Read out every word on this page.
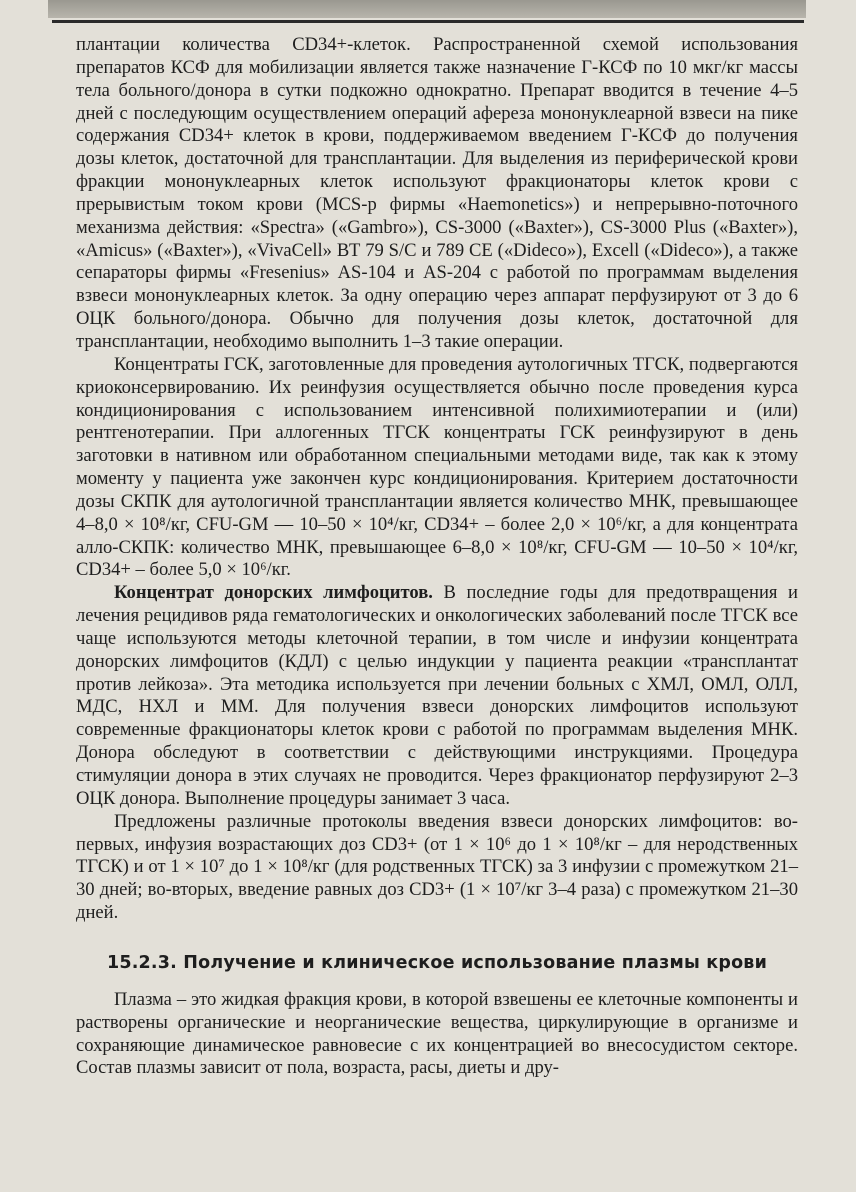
плантации количества CD34+-клеток. Распространенной схемой использования препаратов КСФ для мобилизации является также назначение Г-КСФ по 10 мкг/кг массы тела больного/донора в сутки подкожно однократно. Препарат вводится в течение 4–5 дней с последующим осуществлением операций афереза мононуклеарной взвеси на пике содержания CD34+ клеток в крови, поддерживаемом введением Г-КСФ до получения дозы клеток, достаточной для трансплантации. Для выделения из периферической крови фракции мононуклеарных клеток используют фракционаторы клеток крови с прерывистым током крови (MCS-р фирмы «Haemonetics») и непрерывно-поточного механизма действия: «Spectra» («Gambro»), CS-3000 («Baxter»), CS-3000 Plus («Baxter»), «Amicus» («Baxter»), «VivaCell» ВТ 79 S/C и 789 CE («Dideco»), Excell («Dideco»), а также сепараторы фирмы «Fresenius» AS-104 и AS-204 с работой по программам выделения взвеси мононуклеарных клеток. За одну операцию через аппарат перфузируют от 3 до 6 ОЦК больного/донора. Обычно для получения дозы клеток, достаточной для трансплантации, необходимо выполнить 1–3 такие операции.

Концентраты ГСК, заготовленные для проведения аутологичных ТГСК, подвергаются криоконсервированию. Их реинфузия осуществляется обычно после проведения курса кондиционирования с использованием интенсивной полихимиотерапии и (или) рентгенотерапии. При аллогенных ТГСК концентраты ГСК реинфузируют в день заготовки в нативном или обработанном специальными методами виде, так как к этому моменту у пациента уже закончен курс кондиционирования. Критерием достаточности дозы СКПК для аутологичной трансплантации является количество МНК, превышающее 4–8,0 × 10⁸/кг, CFU-GM — 10–50 × 10⁴/кг, CD34+ – более 2,0 × 10⁶/кг, а для концентрата алло-СКПК: количество МНК, превышающее 6–8,0 × 10⁸/кг, CFU-GM — 10–50 × 10⁴/кг, CD34+ – более 5,0 × 10⁶/кг.

Концентрат донорских лимфоцитов. В последние годы для предотвращения и лечения рецидивов ряда гематологических и онкологических заболеваний после ТГСК все чаще используются методы клеточной терапии, в том числе и инфузии концентрата донорских лимфоцитов (КДЛ) с целью индукции у пациента реакции «трансплантат против лейкоза». Эта методика используется при лечении больных с ХМЛ, ОМЛ, ОЛЛ, МДС, НХЛ и ММ. Для получения взвеси донорских лимфоцитов используют современные фракционаторы клеток крови с работой по программам выделения МНК. Донора обследуют в соответствии с действующими инструкциями. Процедура стимуляции донора в этих случаях не проводится. Через фракционатор перфузируют 2–3 ОЦК донора. Выполнение процедуры занимает 3 часа.

Предложены различные протоколы введения взвеси донорских лимфоцитов: во-первых, инфузия возрастающих доз CD3+ (от 1 × 10⁶ до 1 × 10⁸/кг – для неродственных ТГСК) и от 1 × 10⁷ до 1 × 10⁸/кг (для родственных ТГСК) за 3 инфузии с промежутком 21–30 дней; во-вторых, введение равных доз CD3+ (1 × 10⁷/кг 3–4 раза) с промежутком 21–30 дней.

15.2.3. Получение и клиническое использование плазмы крови

Плазма – это жидкая фракция крови, в которой взвешены ее клеточные компоненты и растворены органические и неорганические вещества, циркулирующие в организме и сохраняющие динамическое равновесие с их концентрацией во внесосудистом секторе. Состав плазмы зависит от пола, возраста, расы, диеты и дру-
